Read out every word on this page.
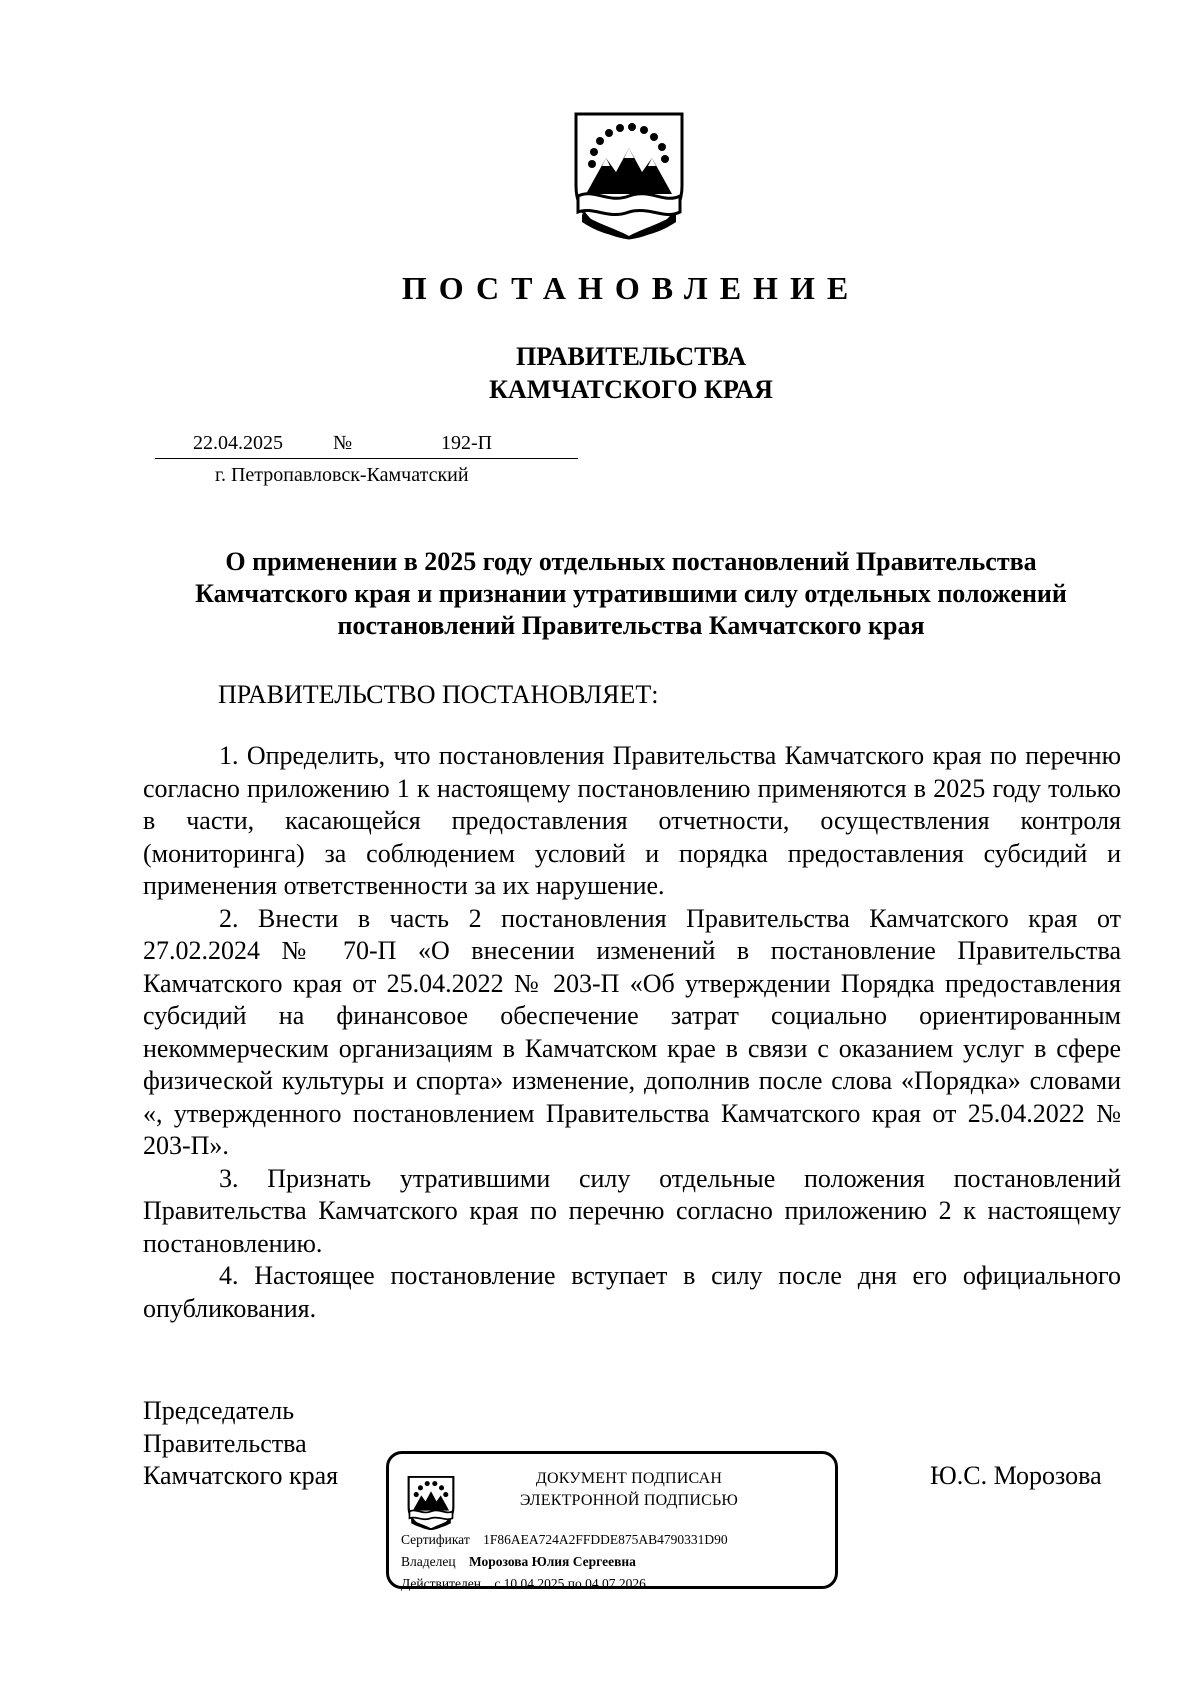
ПОСТАНОВЛЕНИЕ
ПРАВИТЕЛЬСТВА
КАМЧАТСКОГО КРАЯ
22.04.2025	№	192-П
г. Петропавловск-Камчатский
О применении в 2025 году отдельных постановлений Правительства
Камчатского края и признании утратившими силу отдельных положений
постановлений Правительства Камчатского края
ПРАВИТЕЛЬСТВО ПОСТАНОВЛЯЕТ:

1. Определить, что постановления Правительства Камчатского края по перечню согласно приложению 1 к настоящему постановлению применяются в 2025 году только в части, касающейся предоставления отчетности, осуществления контроля (мониторинга) за соблюдением условий и порядка предоставления субсидий и применения ответственности за их нарушение.

2. Внести в часть 2 постановления Правительства Камчатского края от 27.02.2024 № 70-П «О внесении изменений в постановление Правительства Камчатского края от 25.04.2022 № 203-П «Об утверждении Порядка предоставления субсидий на финансовое обеспечение затрат социально ориентированным некоммерческим организациям в Камчатском крае в связи с оказанием услуг в сфере физической культуры и спорта» изменение, дополнив после слова «Порядка» словами «, утвержденного постановлением Правительства Камчатского края от 25.04.2022 № 203-П».

3. Признать утратившими силу отдельные положения постановлений Правительства Камчатского края по перечню согласно приложению 2 к настоящему постановлению.

4. Настоящее постановление вступает в силу после дня его официального опубликования.

Председатель
Правительства
Камчатского края	ДОКУМЕНТ ПОДПИСАН
ЭЛЕКТРОННОЙ ПОДПИСЬЮ
Сертификат 1F86AEA724A2FFDDE875AB4790331D90
Владелец Морозова Юлия Сергеевна
Действителен с 10.04.2025 по 04.07.2026
Ю.С. Морозова
